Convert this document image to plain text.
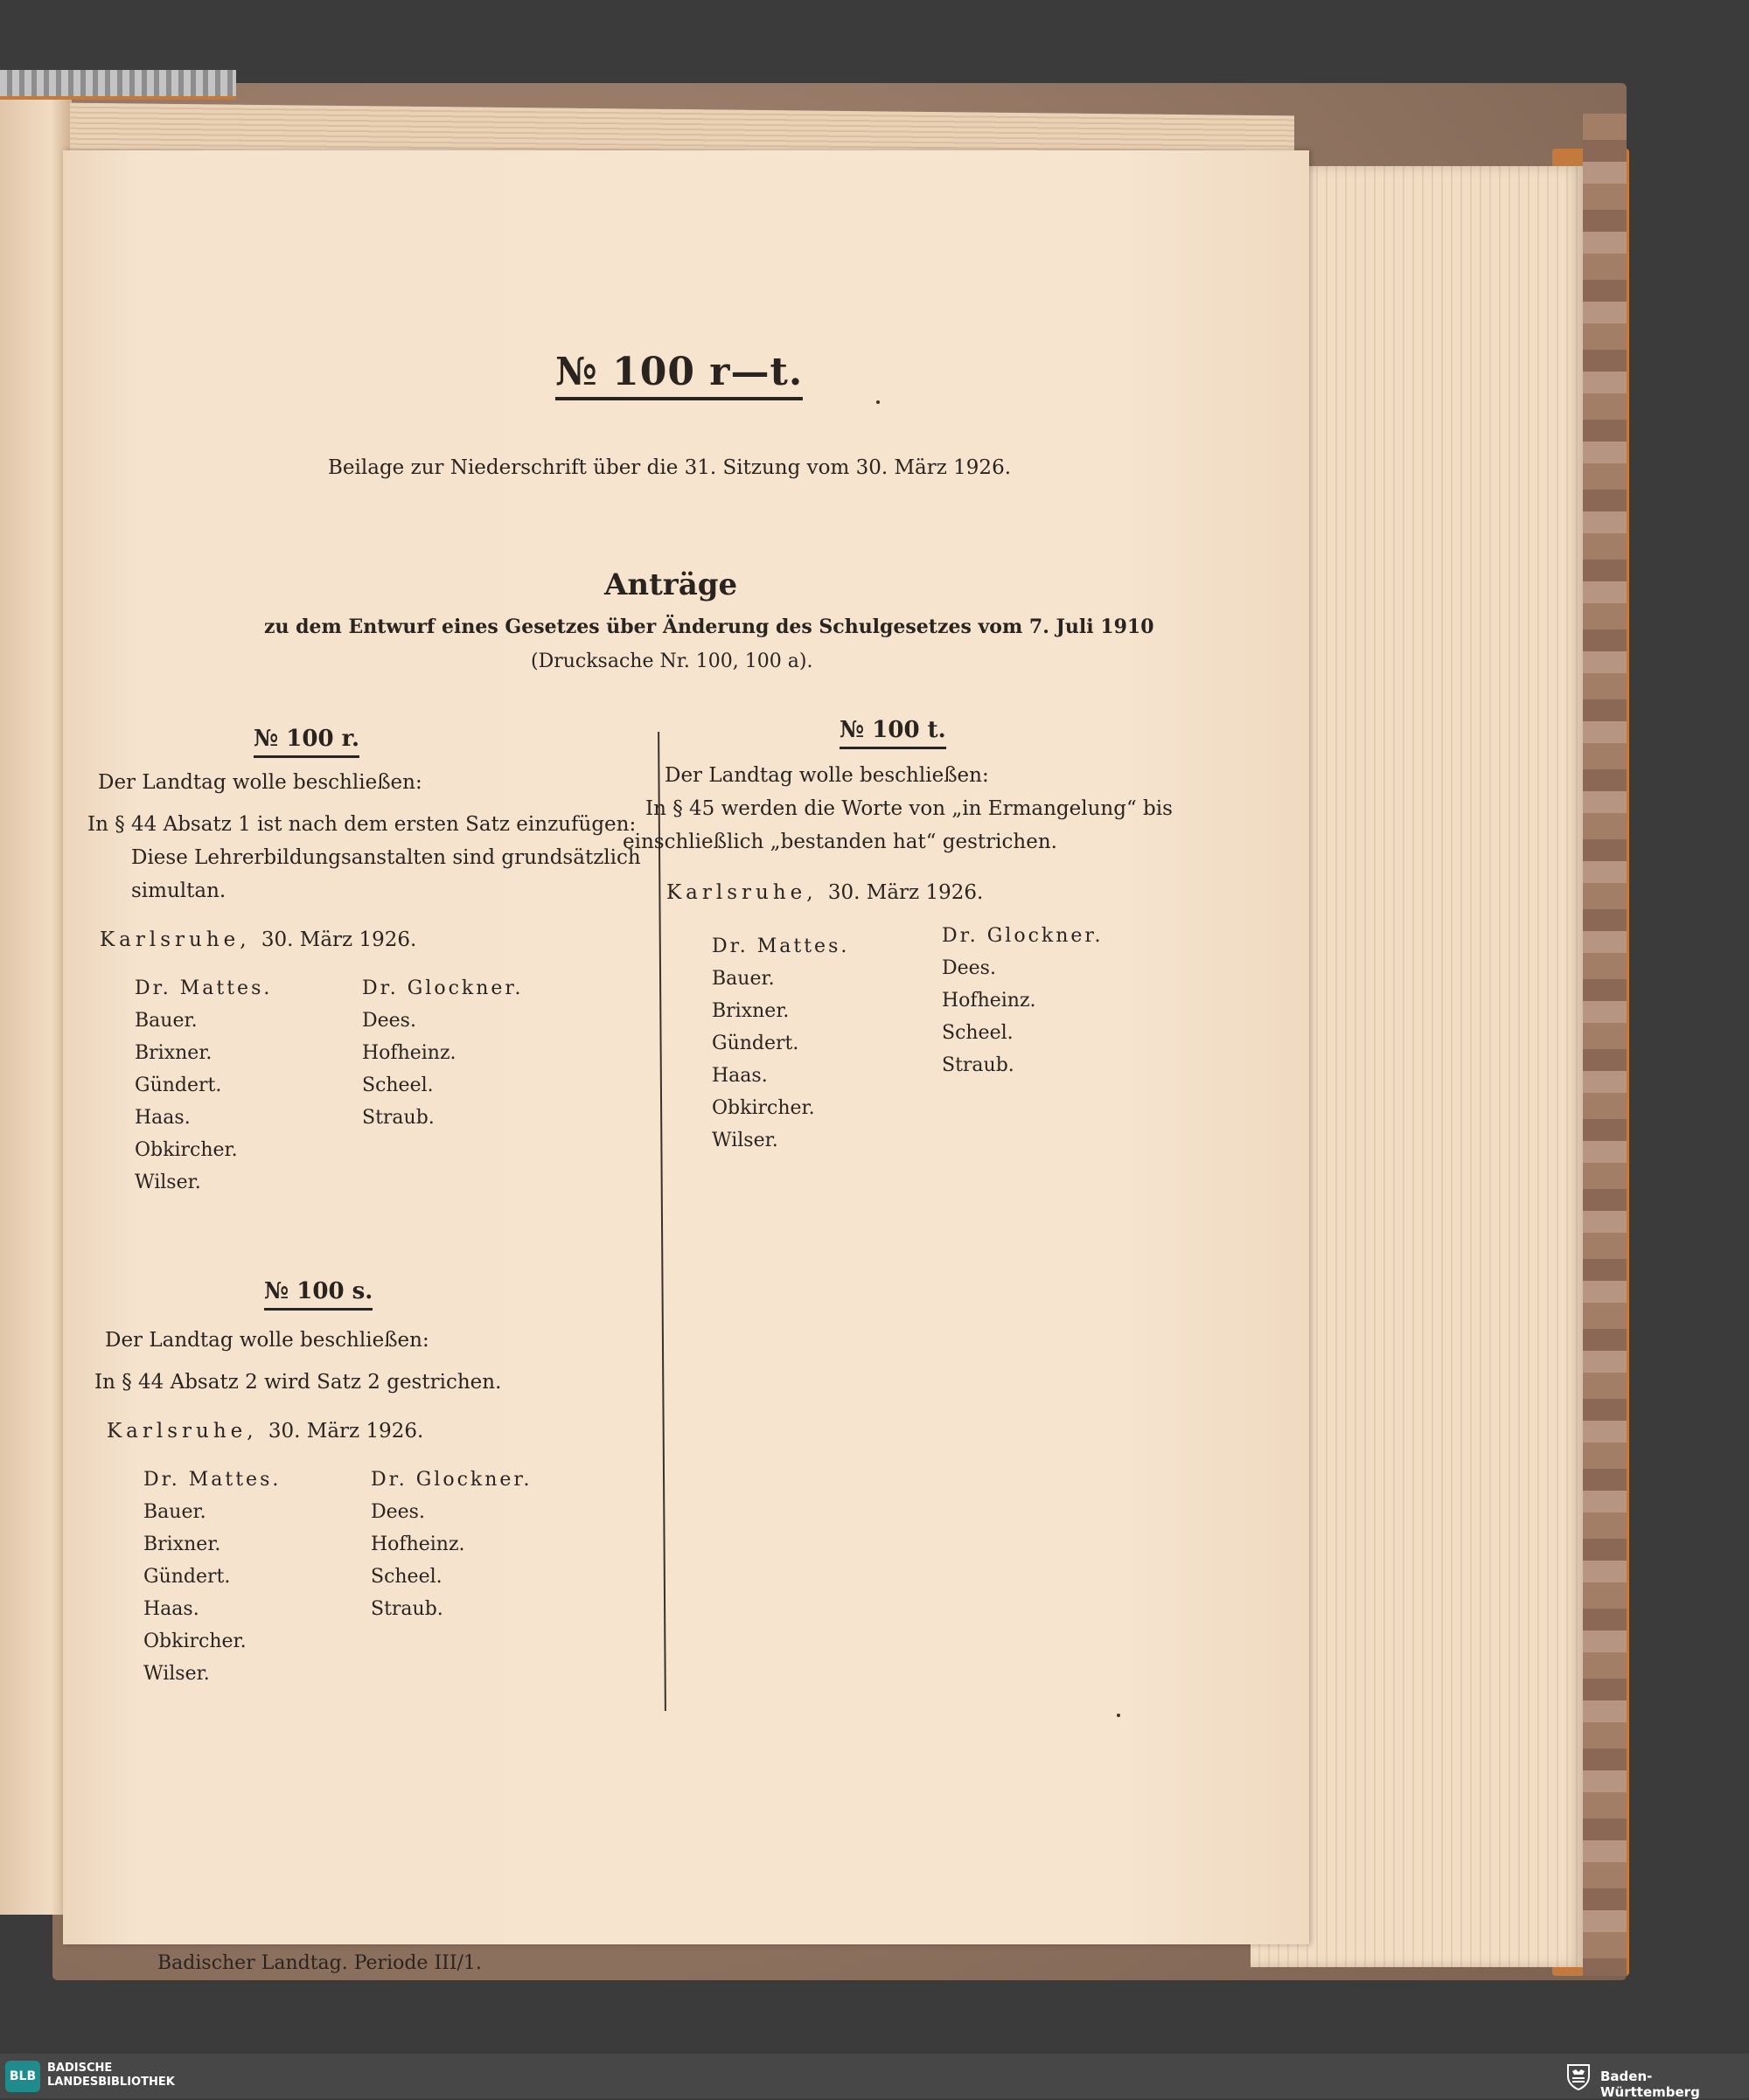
№ 100 r—t.
Beilage zur Niederschrift über die 31. Sitzung vom 30. März 1926.
Anträge
zu dem Entwurf eines Gesetzes über Änderung des Schulgesetzes vom 7. Juli 1910
(Drucksache Nr. 100, 100 a).
№ 100 r.
Der Landtag wolle beschließen:
In § 44 Absatz 1 ist nach dem ersten Satz einzufügen:
Diese Lehrerbildungsanstalten sind grundsätzlich
simultan.
Karlsruhe, 30. März 1926.
Dr. Mattes.
Bauer.
Brixner.
Gündert.
Haas.
Obkircher.
Wilser.
Dr. Glockner.
Dees.
Hofheinz.
Scheel.
Straub.
№ 100 s.
Der Landtag wolle beschließen:
In § 44 Absatz 2 wird Satz 2 gestrichen.
Karlsruhe, 30. März 1926.
Dr. Mattes.
Bauer.
Brixner.
Gündert.
Haas.
Obkircher.
Wilser.
Dr. Glockner.
Dees.
Hofheinz.
Scheel.
Straub.
№ 100 t.
Der Landtag wolle beschließen:
In § 45 werden die Worte von „in Ermangelung“ bis
einschließlich „bestanden hat“ gestrichen.
Karlsruhe, 30. März 1926.
Dr. Mattes.
Bauer.
Brixner.
Gündert.
Haas.
Obkircher.
Wilser.
Dr. Glockner.
Dees.
Hofheinz.
Scheel.
Straub.
Badischer Landtag. Periode III/1.
BLB
BADISCHE
LANDESBIBLIOTHEK	Baden-Württemberg
